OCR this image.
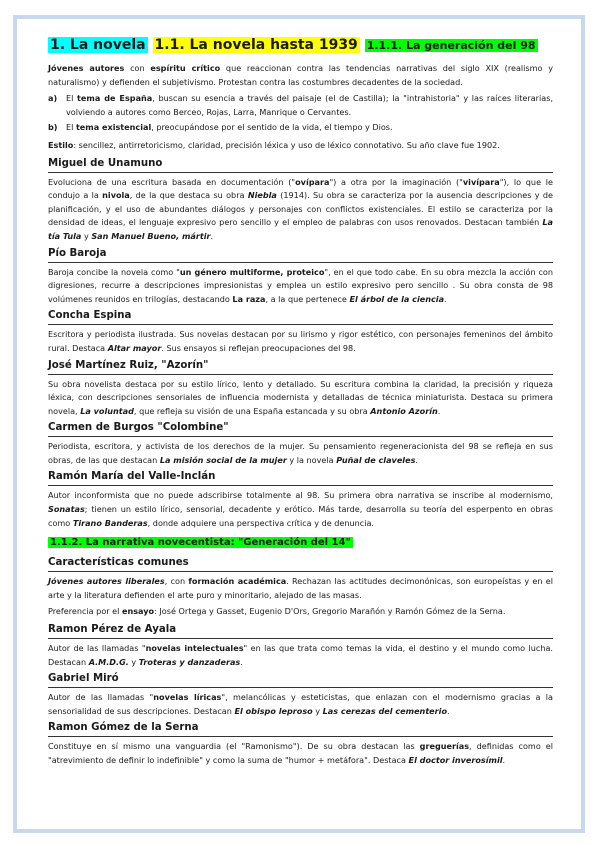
1. La novela 1.1. La novela hasta 1939 1.1.1. La generación del 98

Jóvenes autores con espíritu crítico que reaccionan contra las tendencias narrativas del siglo XIX (realismo y naturalismo) y defienden el subjetivismo. Protestan contra las costumbres decadentes de la sociedad.

a) El tema de España, buscan su esencia a través del paisaje (el de Castilla); la "intrahistoria" y las raíces literarias, volviendo a autores como Berceo, Rojas, Larra, Manrique o Cervantes.
b) El tema existencial, preocupándose por el sentido de la vida, el tiempo y Dios.

Estilo: sencillez, antirretoricismo, claridad, precisión léxica y uso de léxico connotativo. Su año clave fue 1902.

Miguel de Unamuno

Evoluciona de una escritura basada en documentación ("ovípara") a otra por la imaginación ("vivípara"), lo que le condujo a la nivola, de la que destaca su obra Niebla (1914). Su obra se caracteriza por la ausencia descripciones y de planificación, y el uso de abundantes diálogos y personajes con conflictos existenciales. El estilo se caracteriza por la densidad de ideas, el lenguaje expresivo pero sencillo y el empleo de palabras con usos renovados. Destacan también La tía Tula y San Manuel Bueno, mártir.

Pío Baroja

Baroja concibe la novela como "un género multiforme, proteico", en el que todo cabe. En su obra mezcla la acción con digresiones, recurre a descripciones impresionistas y emplea un estilo expresivo pero sencillo . Su obra consta de 98 volúmenes reunidos en trilogías, destacando La raza, a la que pertenece El árbol de la ciencia.

Concha Espina

Escritora y periodista ilustrada. Sus novelas destacan por su lirismo y rigor estético, con personajes femeninos del ámbito rural. Destaca Altar mayor. Sus ensayos si reflejan preocupaciones del 98.

José Martínez Ruiz, "Azorín"

Su obra novelista destaca por su estilo lírico, lento y detallado. Su escritura combina la claridad, la precisión y riqueza léxica, con descripciones sensoriales de influencia modernista y detalladas de técnica miniaturista. Destaca su primera novela, La voluntad, que refleja su visión de una España estancada y su obra Antonio Azorín.

Carmen de Burgos "Colombine"

Periodista, escritora, y activista de los derechos de la mujer. Su pensamiento regeneracionista del 98 se refleja en sus obras, de las que destacan La misión social de la mujer y la novela Puñal de claveles.

Ramón María del Valle-Inclán

Autor inconformista que no puede adscribirse totalmente al 98. Su primera obra narrativa se inscribe al modernismo, Sonatas; tienen un estilo lírico, sensorial, decadente y erótico. Más tarde, desarrolla su teoría del esperpento en obras como Tirano Banderas, donde adquiere una perspectiva crítica y de denuncia.

1.1.2. La narrativa novecentista: "Generación del 14"
Características comunes

Jóvenes autores liberales, con formación académica. Rechazan las actitudes decimonónicas, son europeístas y en el arte y la literatura defienden el arte puro y minoritario, alejado de las masas.

Preferencia por el ensayo: José Ortega y Gasset, Eugenio D'Ors, Gregorio Marañón y Ramón Gómez de la Serna.

Ramon Pérez de Ayala

Autor de las llamadas "novelas intelectuales" en las que trata como temas la vida, el destino y el mundo como lucha. Destacan A.M.D.G. y Troteras y danzaderas.

Gabriel Miró

Autor de las llamadas "novelas líricas", melancólicas y esteticistas, que enlazan con el modernismo gracias a la sensorialidad de sus descripciones. Destacan El obispo leproso y Las cerezas del cementerio.

Ramon Gómez de la Serna

Constituye en sí mismo una vanguardia (el "Ramonismo"). De su obra destacan las greguerías, definidas como el "atrevimiento de definir lo indefinible" y como la suma de "humor + metáfora". Destaca El doctor inverosímil.
